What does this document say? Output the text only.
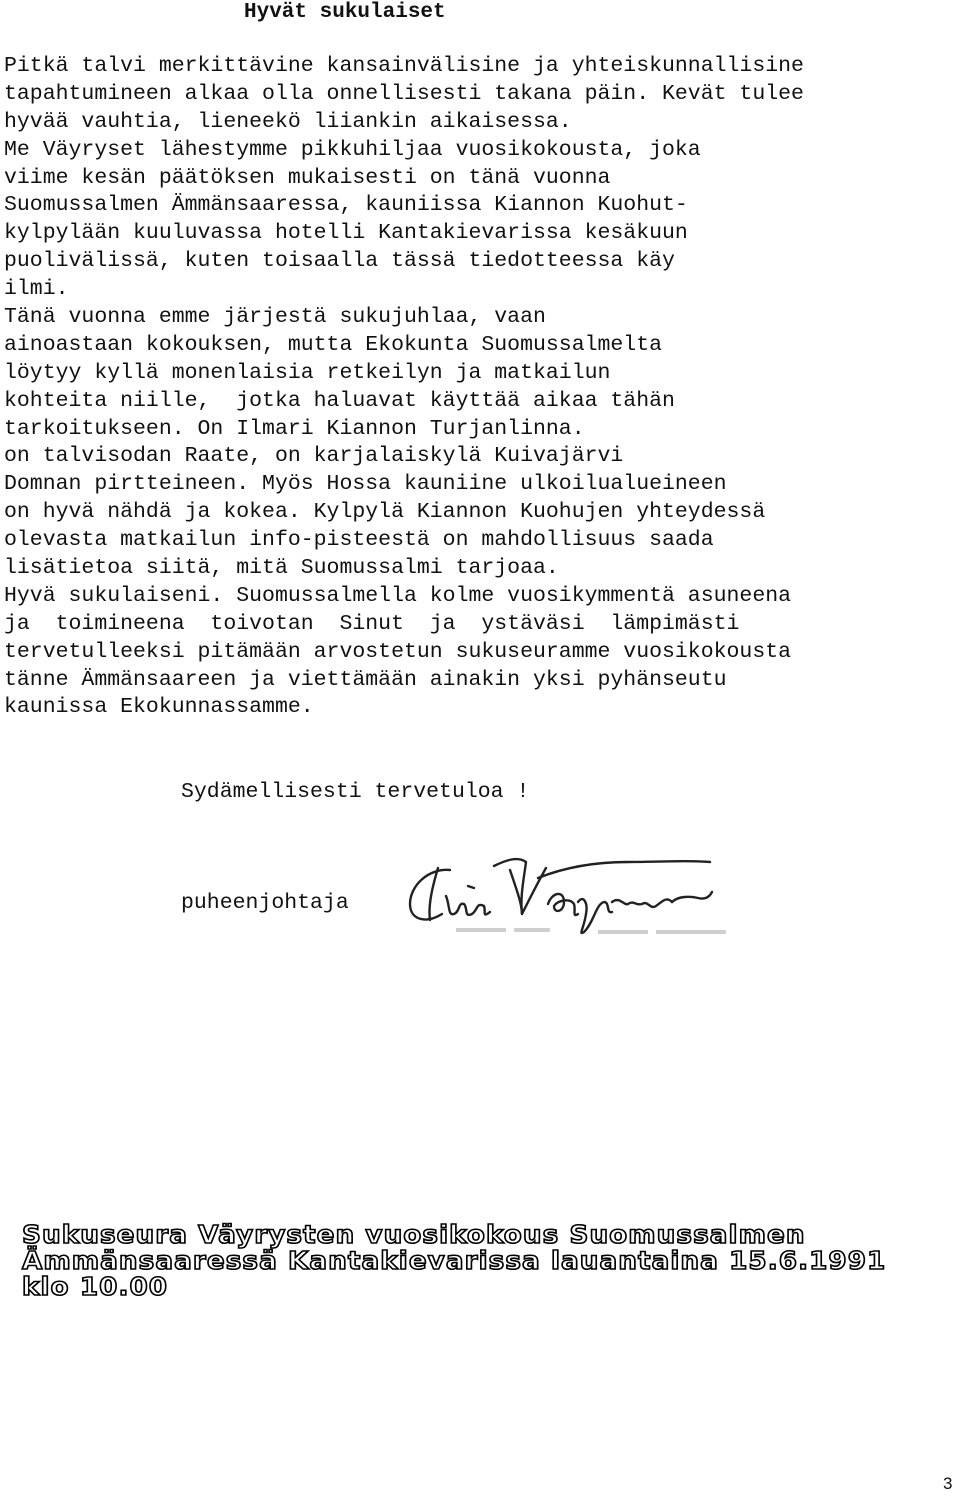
Hyvät sukulaiset
Pitkä talvi merkittävine kansainvälisine ja yhteiskunnallisine
tapahtumineen alkaa olla onnellisesti takana päin. Kevät tulee
hyvää vauhtia, lieneekö liiankin aikaisessa.
Me Väyryset lähestymme pikkuhiljaa vuosikokousta, joka
viime kesän päätöksen mukaisesti on tänä vuonna
Suomussalmen Ämmänsaaressa, kauniissa Kiannon Kuohut-
kylpylään kuuluvassa hotelli Kantakievarissa kesäkuun
puolivälissä, kuten toisaalla tässä tiedotteessa käy
ilmi.
Tänä vuonna emme järjestä sukujuhlaa, vaan
ainoastaan kokouksen, mutta Ekokunta Suomussalmelta
löytyy kyllä monenlaisia retkeilyn ja matkailun
kohteita niille,  jotka haluavat käyttää aikaa tähän
tarkoitukseen. On Ilmari Kiannon Turjanlinna.
on talvisodan Raate, on karjalaiskylä Kuivajärvi
Domnan pirtteineen. Myös Hossa kauniine ulkoilualueineen
on hyvä nähdä ja kokea. Kylpylä Kiannon Kuohujen yhteydessä
olevasta matkailun info-pisteestä on mahdollisuus saada
lisätietoa siitä, mitä Suomussalmi tarjoaa.
Hyvä sukulaiseni. Suomussalmella kolme vuosikymmentä asuneena
ja  toimineena  toivotan  Sinut  ja  ystäväsi  lämpimästi
tervetulleeksi pitämään arvostetun sukuseuramme vuosikokousta
tänne Ämmänsaareen ja viettämään ainakin yksi pyhänseutu
kaunissa Ekokunnassamme.
Sydämellisesti tervetuloa !
puheenjohtaja
Sukuseura Väyrysten vuosikokous Suomussalmen
Ämmänsaaressä Kantakievarissa lauantaina 15.6.1991
klo 10.00
3
